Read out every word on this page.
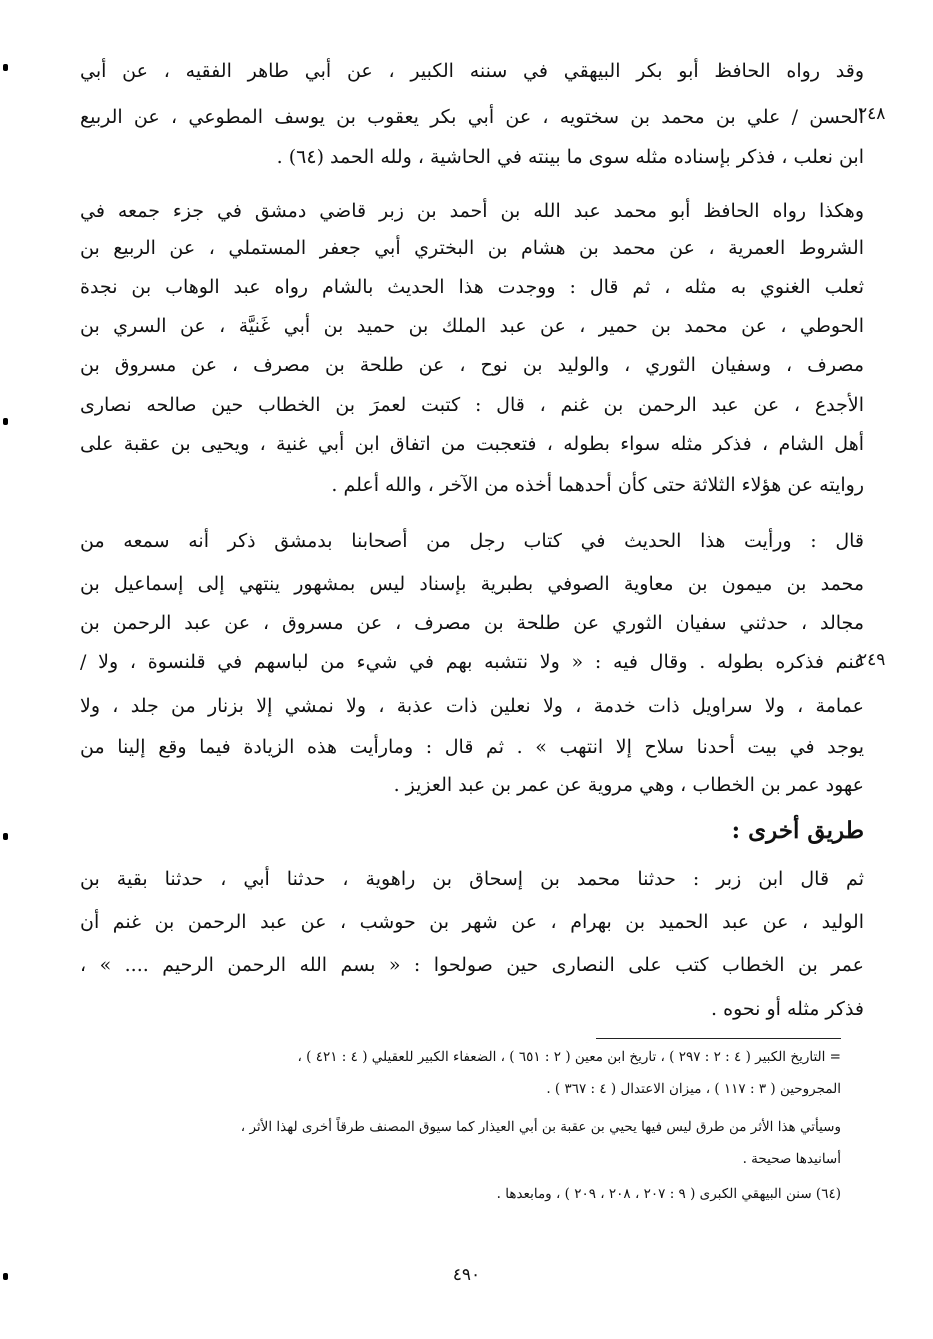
٢٤٨
٢٤٩
وقد رواه الحافظ أبو بكر البيهقي في سننه الكبير ، عن أبي طاهر الفقيه ، عن أبي
الحسن / علي بن محمد بن سختويه ، عن أبي بكر يعقوب بن يوسف المطوعي ، عن الربيع
ابن نعلب ، فذكر بإسناده مثله سوى ما بينته في الحاشية ، ولله الحمد (٦٤) .
وهكذا رواه الحافظ أبو محمد عبد الله بن أحمد بن زبر قاضي دمشق في جزء جمعه في
الشروط العمرية ، عن محمد بن هشام بن البختري أبي جعفر المستملي ، عن الربيع بن
ثعلب الغنوي به مثله ، ثم قال : ووجدت هذا الحديث بالشام رواه عبد الوهاب بن نجدة
الحوطي ، عن محمد بن حمير ، عن عبد الملك بن حميد بن أبي غَنيَّة ، عن السري بن
مصرف ، وسفيان الثوري ، والوليد بن نوح ، عن طلحة بن مصرف ، عن مسروق بن
الأجدع ، عن عبد الرحمن بن غنم ، قال : كتبت لعمرَ بن الخطاب حين صالحه نصارى
أهل الشام ، فذكر مثله سواء بطوله ، فتعجبت من اتفاق ابن أبي غنية ، ويحيى بن عقبة على
روايته عن هؤلاء الثلاثة حتى كأن أحدهما أخذه من الآخر ، والله أعلم .
قال : ورأيت هذا الحديث في كتاب رجل من أصحابنا بدمشق ذكر أنه سمعه من
محمد بن ميمون بن معاوية الصوفي بطبرية بإسناد ليس بمشهور ينتهي إلى إسماعيل بن
مجالد ، حدثني سفيان الثوري عن طلحة بن مصرف ، عن مسروق ، عن عبد الرحمن بن
غنم فذكره بطوله . وقال فيه : « ولا نتشبه بهم في شيء من لباسهم في قلنسوة ، ولا /
عمامة ، ولا سراويل ذات خدمة ، ولا نعلين ذات عذبة ، ولا نمشي إلا بزنار من جلد ، ولا
يوجد في بيت أحدنا سلاح إلا انتهب » . ثم قال : ومارأيت هذه الزيادة فيما وقع إلينا من
عهود عمر بن الخطاب ، وهي مروية عن عمر بن عبد العزيز .
طريق أخرى :
ثم قال ابن زبر : حدثنا محمد بن إسحاق بن راهوية ، حدثنا أبي ، حدثنا بقية بن
الوليد ، عن عبد الحميد بن بهرام ، عن شهر بن حوشب ، عن عبد الرحمن بن غنم أن
عمر بن الخطاب كتب على النصارى حين صولحوا : « بسم الله الرحمن الرحيم .... » ،
فذكر مثله أو نحوه .
= التاريخ الكبير ( ٤ : ٢ : ٢٩٧ ) ، تاريخ ابن معين ( ٢ : ٦٥١ ) ، الضعفاء الكبير للعقيلي ( ٤ : ٤٢١ ) ،
المجروحين ( ٣ : ١١٧ ) ، ميزان الاعتدال ( ٤ : ٣٦٧ ) .
وسيأتي هذا الأثر من طرق ليس فيها يحيي بن عقبة بن أبي العيذار كما سيوق المصنف طرقاً أخرى لهذا الأثر ،
أسانيدها صحيحة .
(٦٤) سنن البيهقي الكبرى ( ٩ : ٢٠٧ ، ٢٠٨ ، ٢٠٩ ) ، ومابعدها .
٤٩٠
